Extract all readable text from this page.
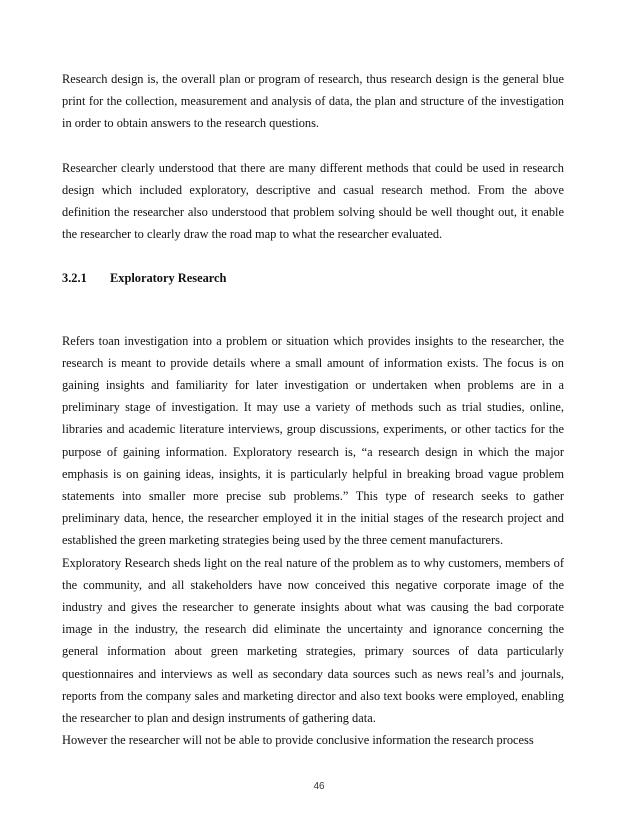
Research design is, the overall plan or program of research, thus research design is the general blue print for the collection, measurement and analysis of data, the plan and structure of the investigation in order to obtain answers to the research questions.

Researcher clearly understood that there are many different methods that could be used in research design which included exploratory, descriptive and casual research method. From the above definition the researcher also understood that problem solving should be well thought out, it enable the researcher to clearly draw the road map to what the researcher evaluated.

3.2.1 Exploratory Research

Refers toan investigation into a problem or situation which provides insights to the researcher, the research is meant to provide details where a small amount of information exists. The focus is on gaining insights and familiarity for later investigation or undertaken when problems are in a preliminary stage of investigation. It may use a variety of methods such as trial studies, online, libraries and academic literature interviews, group discussions, experiments, or other tactics for the purpose of gaining information. Exploratory research is, “a research design in which the major emphasis is on gaining ideas, insights, it is particularly helpful in breaking broad vague problem statements into smaller more precise sub problems.” This type of research seeks to gather preliminary data, hence, the researcher employed it in the initial stages of the research project and established the green marketing strategies being used by the three cement manufacturers.

Exploratory Research sheds light on the real nature of the problem as to why customers, members of the community, and all stakeholders have now conceived this negative corporate image of the industry and gives the researcher to generate insights about what was causing the bad corporate image in the industry, the research did eliminate the uncertainty and ignorance concerning the general information about green marketing strategies, primary sources of data particularly questionnaires and interviews as well as secondary data sources such as news real’s and journals, reports from the company sales and marketing director and also text books were employed, enabling the researcher to plan and design instruments of gathering data.

However the researcher will not be able to provide conclusive information the research process

46
